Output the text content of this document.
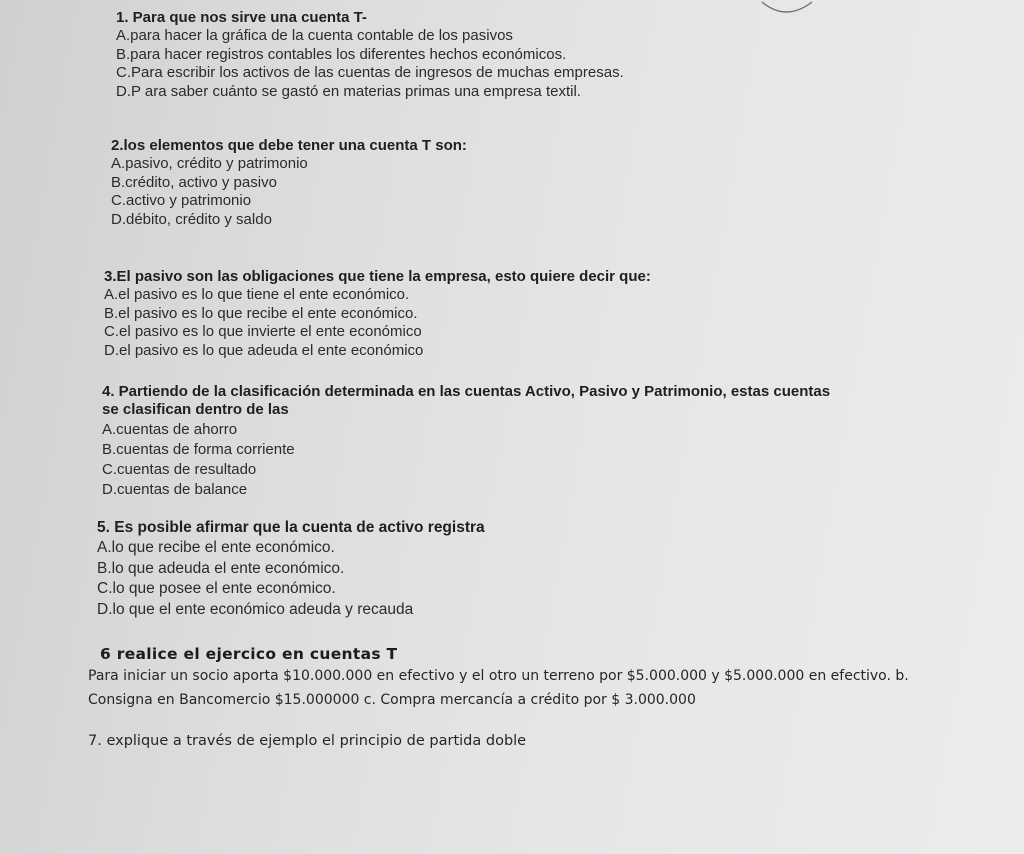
1. Para que nos sirve una cuenta T-

A.para hacer la gráfica de la cuenta contable de los pasivos
B.para hacer registros contables los diferentes hechos económicos.
C.Para escribir los activos de las cuentas de ingresos de muchas empresas.
D.P ara saber cuánto se gastó en materias primas una empresa textil.

2.los elementos que debe tener una cuenta T son:

A.pasivo, crédito y patrimonio
B.crédito, activo y pasivo
C.activo y patrimonio
D.débito, crédito y saldo

3.El pasivo son las obligaciones que tiene la empresa, esto quiere decir que:

A.el pasivo es lo que tiene el ente económico.
B.el pasivo es lo que recibe el ente económico.
C.el pasivo es lo que invierte el ente económico
D.el pasivo es lo que adeuda el ente económico

4. Partiendo de la clasificación determinada en las cuentas Activo, Pasivo y Patrimonio, estas cuentas
se clasifican dentro de las

A.cuentas de ahorro
B.cuentas de forma corriente
C.cuentas de resultado
D.cuentas de balance

5. Es posible afirmar que la cuenta de activo registra

A.lo que recibe el ente económico.
B.lo que adeuda el ente económico.
C.lo que posee el ente económico.
D.lo que el ente económico adeuda y recauda

6 realice el ejercico en cuentas T

Para iniciar un socio aporta $10.000.000 en efectivo y el otro un terreno por $5.000.000 y $5.000.000 en efectivo. b.

Consigna en Bancomercio $15.000000 c. Compra mercancía a crédito por $ 3.000.000

7. explique a través de ejemplo el principio de partida doble
